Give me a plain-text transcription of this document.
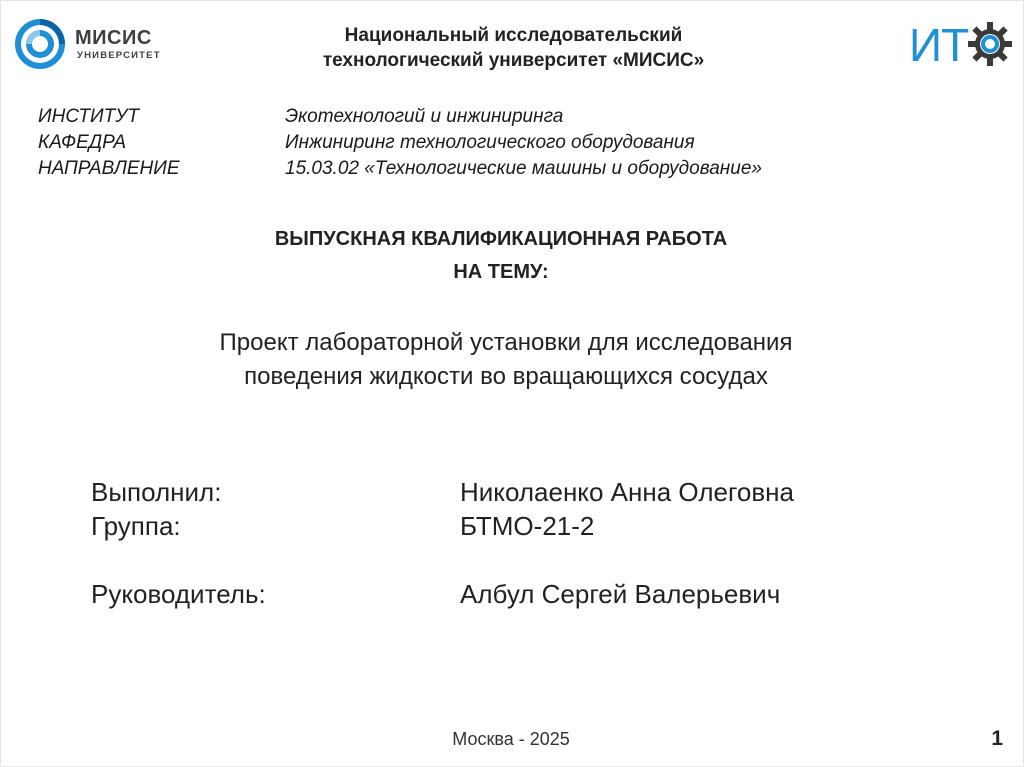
МИСИС
УНИВЕРСИТЕТ
Национальный исследовательский
технологический университет «МИСИС»	ИТ
ИНСТИТУТ	Экотехнологий и инжиниринга
КАФЕДРА	Инжиниринг технологического оборудования
НАПРАВЛЕНИЕ	15.03.02 «Технологические машины и оборудование»
ВЫПУСКНАЯ КВАЛИФИКАЦИОННАЯ РАБОТА
НА ТЕМУ:
Проект лабораторной установки для исследования
поведения жидкости во вращающихся сосудах
Выполнил:	Николаенко Анна Олеговна
Группа:	БТМО-21-2
Руководитель:	Албул Сергей Валерьевич
Москва - 2025	1
